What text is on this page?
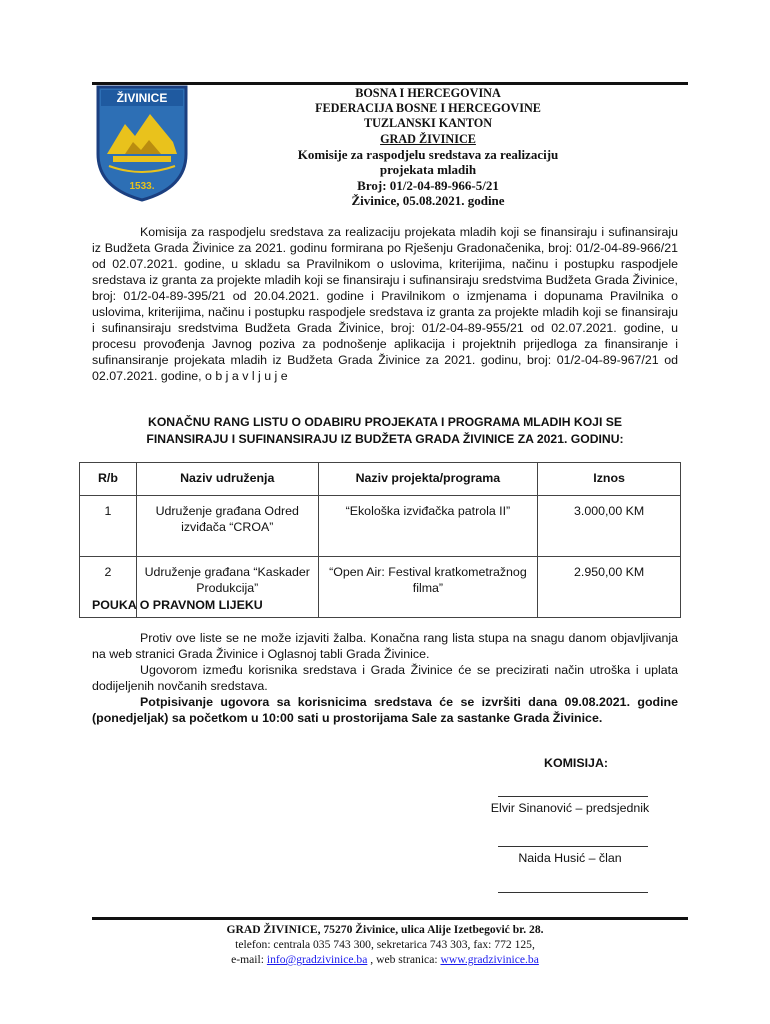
ŽIVINICE
1533.
BOSNA I HERCEGOVINA
FEDERACIJA BOSNE I HERCEGOVINE
TUZLANSKI KANTON
GRAD ŽIVINICE
Komisije za raspodjelu sredstava za realizaciju
projekata mladih
Broj: 01/2-04-89-966-5/21
Živinice, 05.08.2021. godine
Komisija za raspodjelu sredstava za realizaciju projekata mladih koji se finansiraju i sufinansiraju iz Budžeta Grada Živinice za 2021. godinu formirana po Rješenju Gradonačenika, broj: 01/2-04-89-966/21 od 02.07.2021. godine, u skladu sa Pravilnikom o uslovima, kriterijima, načinu i postupku raspodjele sredstava iz granta za projekte mladih koji se finansiraju i sufinansiraju sredstvima Budžeta Grada Živinice, broj: 01/2-04-89-395/21 od 20.04.2021. godine i Pravilnikom o izmjenama i dopunama Pravilnika o uslovima, kriterijima, načinu i postupku raspodjele sredstava iz granta za projekte mladih koji se finansiraju i sufinansiraju sredstvima Budžeta Grada Živinice, broj: 01/2-04-89-955/21 od 02.07.2021. godine, u procesu provođenja Javnog poziva za podnošenje aplikacija i projektnih prijedloga za finansiranje i sufinansiranje projekata mladih iz Budžeta Grada Živinice za 2021. godinu, broj: 01/2-04-89-967/21 od 02.07.2021. godine, o b j a v l j u j e
KONAČNU RANG LISTU O ODABIRU PROJEKATA I PROGRAMA MLADIH KOJI SE
FINANSIRAJU I SUFINANSIRAJU IZ BUDŽETA GRADA ŽIVINICE ZA 2021. GODINU:
R/b	Naziv udruženja	Naziv projekta/programa	Iznos
1	Udruženje građana Odred izviđača “CROA”	“Ekološka izviđačka patrola II”	3.000,00 KM
2	Udruženje građana “Kaskader Produkcija”	“Open Air: Festival kratkometražnog filma”	2.950,00 KM
POUKA O PRAVNOM LIJEKU
Protiv ove liste se ne može izjaviti žalba. Konačna rang lista stupa na snagu danom objavljivanja na web stranici Grada Živinice i Oglasnoj tabli Grada Živinice.
Ugovorom između korisnika sredstava i Grada Živinice će se precizirati način utroška i uplata dodijeljenih novčanih sredstava.
Potpisivanje ugovora sa korisnicima sredstava će se izvršiti dana 09.08.2021. godine (ponedjeljak) sa početkom u 10:00 sati u prostorijama Sale za sastanke Grada Živinice.
KOMISIJA:
Elvir Sinanović – predsjednik
Naida Husić – član
GRAD ŽIVINICE, 75270 Živinice, ulica Alije Izetbegović br. 28.
telefon: centrala 035 743 300, sekretarica 743 303, fax: 772 125,
e-mail: info@gradzivinice.ba , web stranica: www.gradzivinice.ba
